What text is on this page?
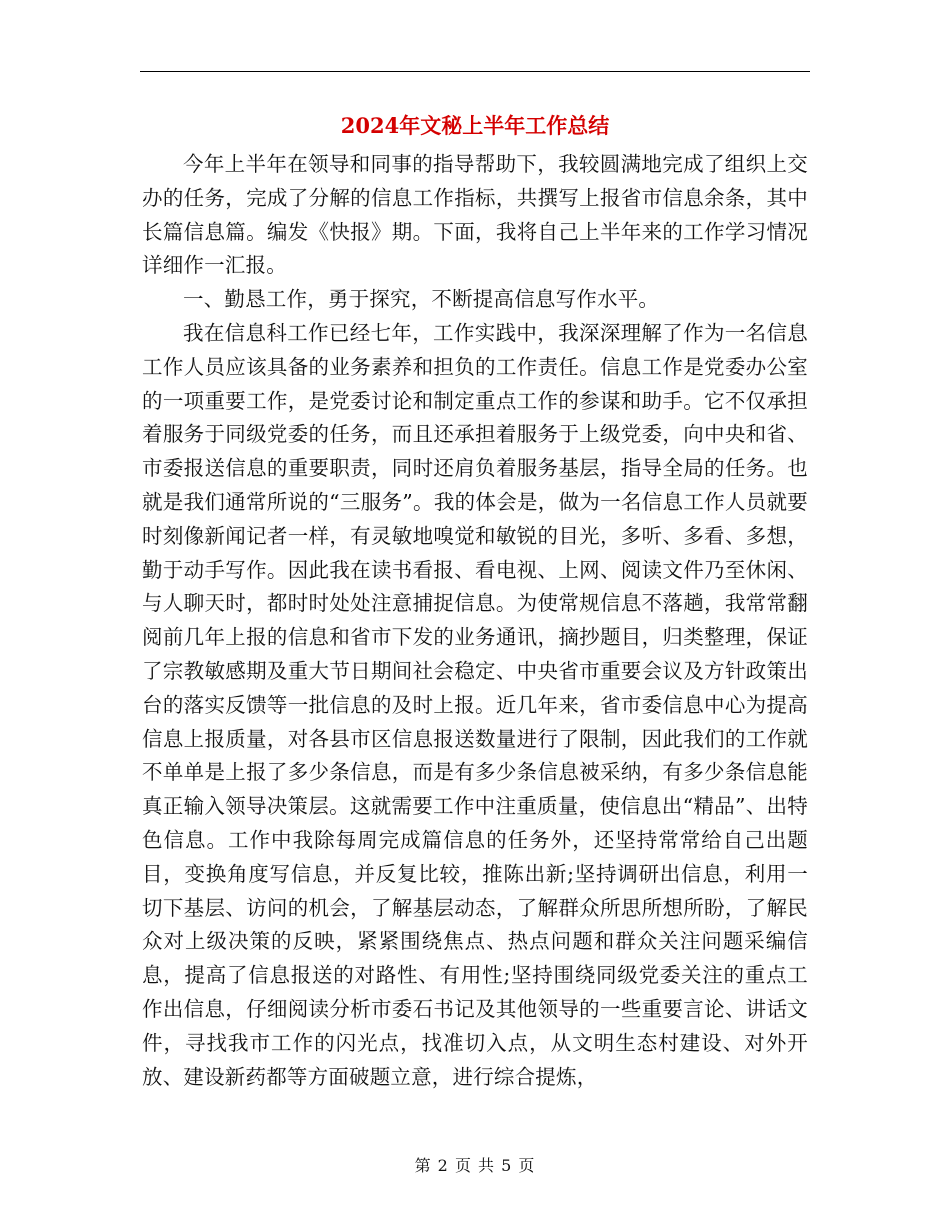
2024年文秘上半年工作总结

今年上半年在领导和同事的指导帮助下，我较圆满地完成了组织上交办的任务，完成了分解的信息工作指标，共撰写上报省市信息余条，其中长篇信息篇。编发《快报》期。下面，我将自己上半年来的工作学习情况详细作一汇报。

一、勤恳工作，勇于探究，不断提高信息写作水平。

我在信息科工作已经七年，工作实践中，我深深理解了作为一名信息工作人员应该具备的业务素养和担负的工作责任。信息工作是党委办公室的一项重要工作，是党委讨论和制定重点工作的参谋和助手。它不仅承担着服务于同级党委的任务，而且还承担着服务于上级党委，向中央和省、市委报送信息的重要职责，同时还肩负着服务基层，指导全局的任务。也就是我们通常所说的“三服务”。我的体会是，做为一名信息工作人员就要时刻像新闻记者一样，有灵敏地嗅觉和敏锐的目光，多听、多看、多想，勤于动手写作。因此我在读书看报、看电视、上网、阅读文件乃至休闲、与人聊天时，都时时处处注意捕捉信息。为使常规信息不落趟，我常常翻阅前几年上报的信息和省市下发的业务通讯，摘抄题目，归类整理，保证了宗教敏感期及重大节日期间社会稳定、中央省市重要会议及方针政策出台的落实反馈等一批信息的及时上报。近几年来，省市委信息中心为提高信息上报质量，对各县市区信息报送数量进行了限制，因此我们的工作就不单单是上报了多少条信息，而是有多少条信息被采纳，有多少条信息能真正输入领导决策层。这就需要工作中注重质量，使信息出“精品”、出特色信息。工作中我除每周完成篇信息的任务外，还坚持常常给自己出题目，变换角度写信息，并反复比较，推陈出新;坚持调研出信息，利用一切下基层、访问的机会，了解基层动态，了解群众所思所想所盼，了解民众对上级决策的反映，紧紧围绕焦点、热点问题和群众关注问题采编信息，提高了信息报送的对路性、有用性;坚持围绕同级党委关注的重点工作出信息，仔细阅读分析市委石书记及其他领导的一些重要言论、讲话文件，寻找我市工作的闪光点，找准切入点，从文明生态村建设、对外开放、建设新药都等方面破题立意，进行综合提炼，

第 2 页 共 5 页
